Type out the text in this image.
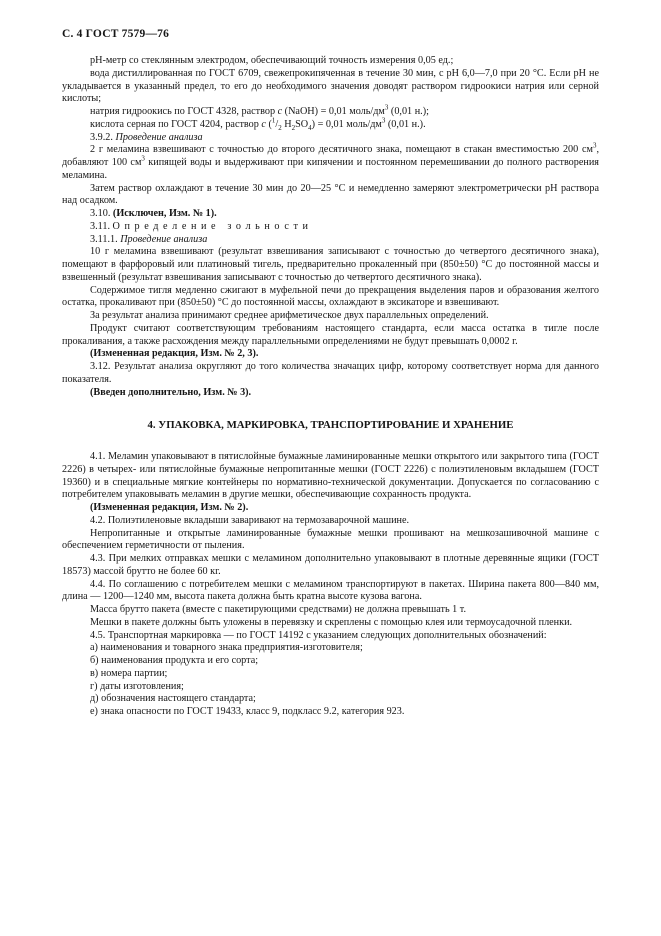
С. 4 ГОСТ 7579—76

рН-метр со стеклянным электродом, обеспечивающий точность измерения 0,05 ед.;

вода дистиллированная по ГОСТ 6709, свежепрокипяченная в течение 30 мин, с рН 6,0—7,0 при 20 °С. Если рН не укладывается в указанный предел, то его до необходимого значения доводят раствором гидроокиси натрия или серной кислоты;

натрия гидроокись по ГОСТ 4328, раствор с (NaOH) = 0,01 моль/$дм^3$ (0,01 н.);

кислота серная по ГОСТ 4204, раствор с ($^1/_2$ $H_2SO_4) = 0,01$ моль/$дм^3$ (0,01 н.).

3.9.2. Проведение анализа

2 г меламина взвешивают с точностью до второго десятичного знака, помещают в стакан вместимостью 200 $см^3$, добавляют 100 $см^3$ кипящей воды и выдерживают при кипячении и постоянном перемешивании до полного растворения меламина.

Затем раствор охлаждают в течение 30 мин до 20—25 °С и немедленно замеряют электрометрически рН раствора над осадком.

3.10. (Исключен, Изм. № 1).

3.11. Определение зольности

3.11.1. Проведение анализа

10 г меламина взвешивают (результат взвешивания записывают с точностью до четвертого десятичного знака), помещают в фарфоровый или платиновый тигель, предварительно прокаленный при (850±50) °С до постоянной массы и взвешенный (результат взвешивания записывают с точностью до четвертого десятичного знака).

Содержимое тигля медленно сжигают в муфельной печи до прекращения выделения паров и образования желтого остатка, прокаливают при (850±50) °С до постоянной массы, охлаждают в эксикаторе и взвешивают.

За результат анализа принимают среднее арифметическое двух параллельных определений.

Продукт считают соответствующим требованиям настоящего стандарта, если масса остатка в тигле после прокаливания, а также расхождения между параллельными определениями не будут превышать 0,0002 г.

(Измененная редакция, Изм. № 2, 3).

3.12. Результат анализа округляют до того количества значащих цифр, которому соответствует норма для данного показателя.

(Введен дополнительно, Изм. № 3).

4. УПАКОВКА, МАРКИРОВКА, ТРАНСПОРТИРОВАНИЕ И ХРАНЕНИЕ

4.1. Меламин упаковывают в пятислойные бумажные ламинированные мешки открытого или закрытого типа (ГОСТ 2226) в четырех- или пятислойные бумажные непропитанные мешки (ГОСТ 2226) с полиэтиленовым вкладышем (ГОСТ 19360) и в специальные мягкие контейнеры по нормативно-технической документации. Допускается по согласованию с потребителем упаковывать меламин в другие мешки, обеспечивающие сохранность продукта.

(Измененная редакция, Изм. № 2).

4.2. Полиэтиленовые вкладыши заваривают на термозаварочной машине.

Непропитанные и открытые ламинированные бумажные мешки прошивают на мешкозашивочной машине с обеспечением герметичности от пыления.

4.3. При мелких отправках мешки с меламином дополнительно упаковывают в плотные деревянные ящики (ГОСТ 18573) массой брутто не более 60 кг.

4.4. По соглашению с потребителем мешки с меламином транспортируют в пакетах. Ширина пакета 800—840 мм, длина — 1200—1240 мм, высота пакета должна быть кратна высоте кузова вагона.

Масса брутто пакета (вместе с пакетирующими средствами) не должна превышать 1 т.

Мешки в пакете должны быть уложены в перевязку и скреплены с помощью клея или термоусадочной пленки.

4.5. Транспортная маркировка — по ГОСТ 14192 с указанием следующих дополнительных обозначений:

а) наименования и товарного знака предприятия-изготовителя;
б) наименования продукта и его сорта;
в) номера партии;
г) даты изготовления;
д) обозначения настоящего стандарта;
е) знака опасности по ГОСТ 19433, класс 9, подкласс 9.2, категория 923.
